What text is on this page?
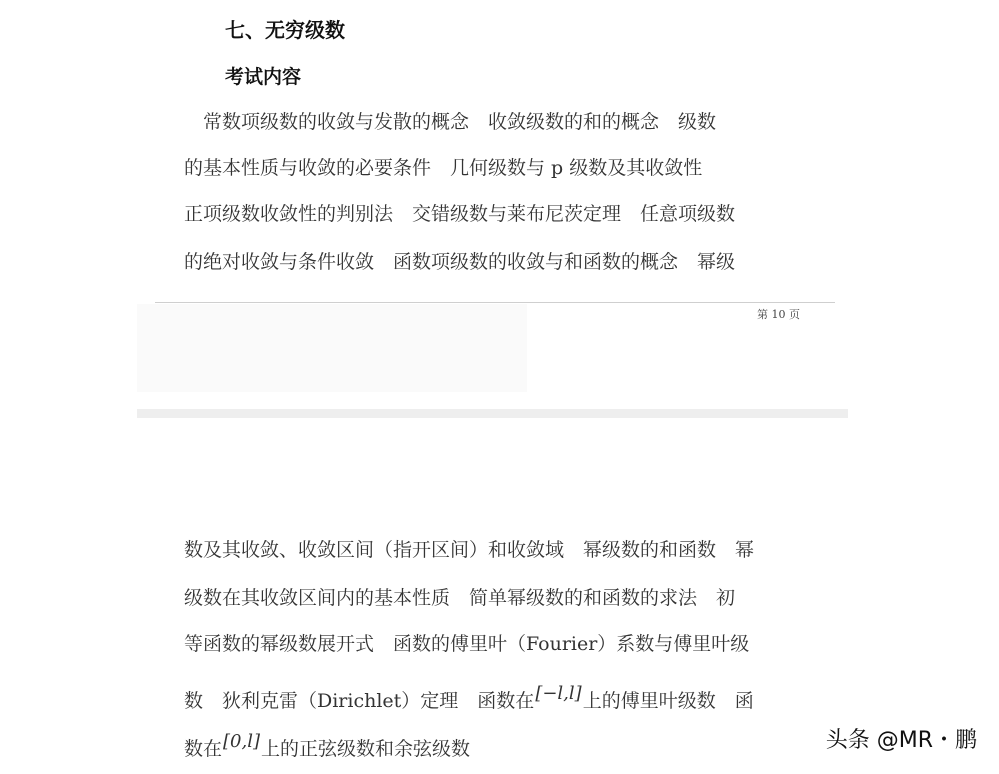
七、无穷级数
考试内容
　常数项级数的收敛与发散的概念　收敛级数的和的概念　级数
的基本性质与收敛的必要条件　几何级数与 p 级数及其收敛性
正项级数收敛性的判别法　交错级数与莱布尼茨定理　任意项级数
的绝对收敛与条件收敛　函数项级数的收敛与和函数的概念　幂级
第 10 页
数及其收敛、收敛区间（指开区间）和收敛域　幂级数的和函数　幂
级数在其收敛区间内的基本性质　简单幂级数的和函数的求法　初
等函数的幂级数展开式　函数的傅里叶（Fourier）系数与傅里叶级
数　狄利克雷（Dirichlet）定理　函数在[−l,l]上的傅里叶级数　函
数在[0,l]上的正弦级数和余弦级数	头条 @MR・鹏
